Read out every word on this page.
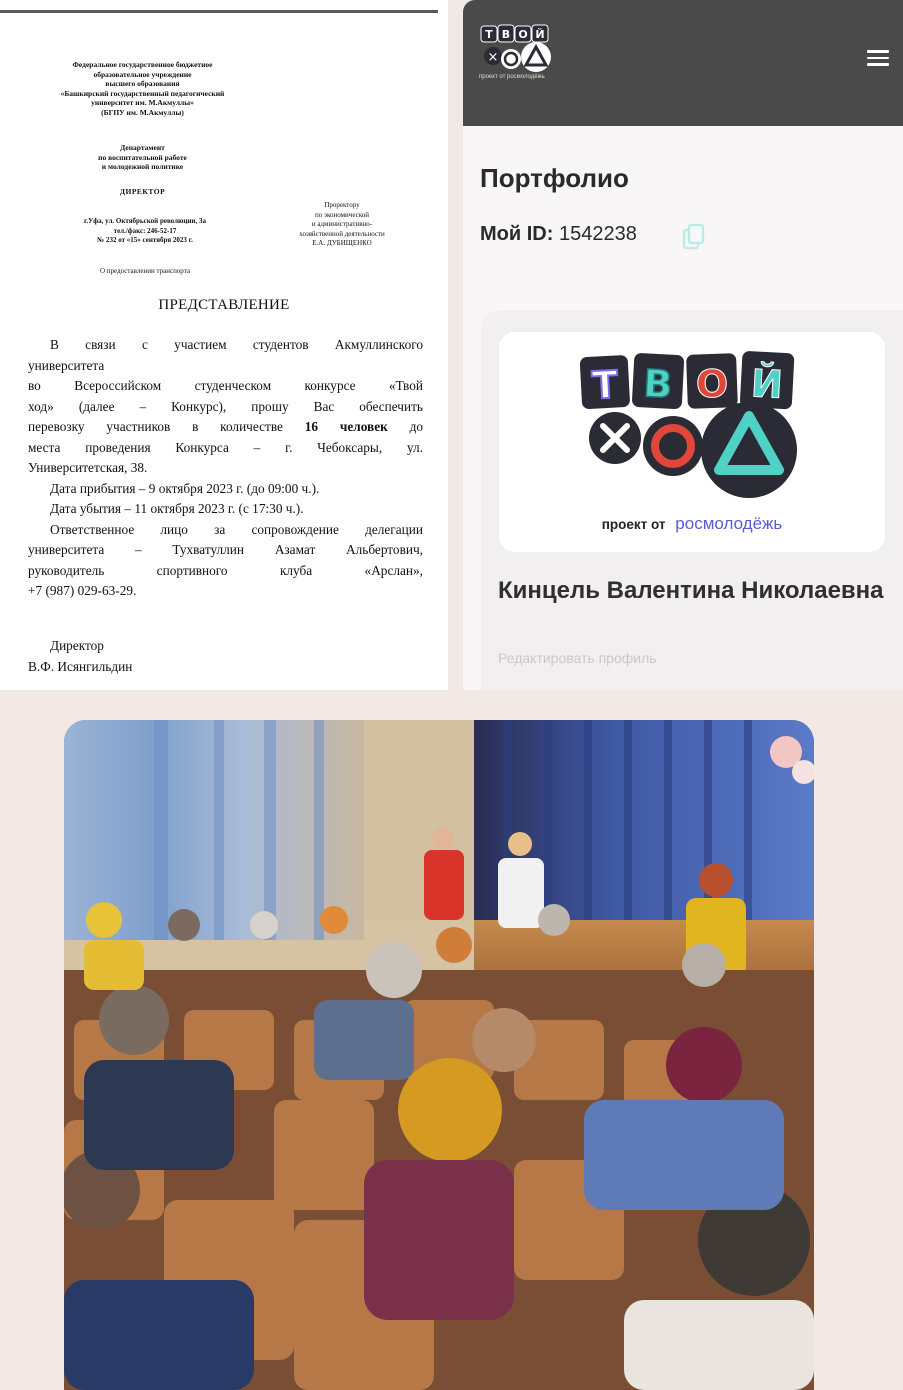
Федеральное государственное бюджетное
образовательное учреждение
высшего образования
«Башкирский государственный педагогический
университет им. М.Акмуллы»
(БГПУ им. М.Акмуллы)
Департамент
по воспитательной работе
и молодежной политике
ДИРЕКТОР
г.Уфа, ул. Октябрьской революции, 3а
тел./факс: 246-52-17
№ 232 от «15» сентября 2023 г.
Проректору
по экономической
и административно-
хозяйственной деятельности
Е.А. ДУБИЩЕНКО
О предоставлении транспорта
ПРЕДСТАВЛЕНИЕ

В связи с участием студентов Акмуллинского

университета

во Всероссийском студенческом конкурсе «Твой

ход» (далее – Конкурс), прошу Вас обеспечить

перевозку участников в количестве 16 человек до

места проведения Конкурса – г. Чебоксары, ул.

Университетская, 38.

Дата прибытия – 9 октября 2023 г. (до 09:00 ч.).

Дата убытия – 11 октября 2023 г. (с 17:30 ч.).

Ответственное лицо за сопровождение делегации

университета – Тухватуллин Азамат Альбертович,

руководитель спортивного клуба «Арслан»,

+7 (987) 029-63-29.

Директор
В.Ф. Исянгильдин
Т В О Й
×
проект от росмолодёжь
Портфолио
Мой ID: 1542238
Т В О Й
проект от росмолодёжь
Кинцель Валентина Николаевна
Редактировать профиль
